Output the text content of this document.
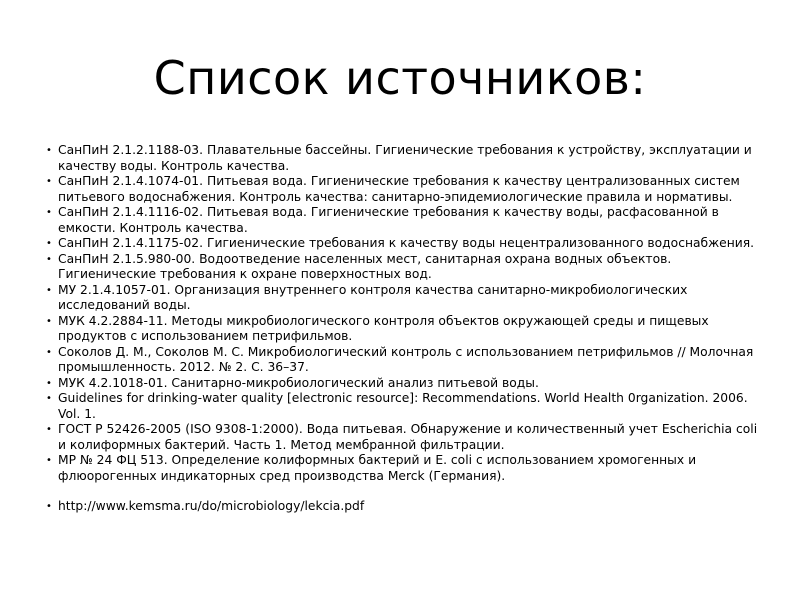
Список источников:
• СанПиН 2.1.2.1188-03. Плавательные бассейны. Гигиенические требования к устройству, эксплуатации и качеству воды. Контроль качества.
• СанПиН 2.1.4.1074-01. Питьевая вода. Гигиенические требования к качеству централизованных систем питьевого водоснабжения. Контроль качества: санитарно-эпидемиологические правила и нормативы.
• СанПиН 2.1.4.1116-02. Питьевая вода. Гигиенические требования к качеству воды, расфасованной в емкости. Контроль качества.
• СанПиН 2.1.4.1175-02. Гигиенические требования к качеству воды нецентрализованного водоснабжения.
• СанПиН 2.1.5.980-00. Водоотведение населенных мест, санитарная охрана водных объектов. Гигиенические требования к охране поверхностных вод.
• МУ 2.1.4.1057-01. Организация внутреннего контроля качества санитарно-микробиологических исследований воды.
• МУК 4.2.2884-11. Методы микробиологического контроля объектов окружающей среды и пищевых продуктов с использованием петрифильмов.
• Соколов Д. М., Соколов М. С. Микробиологический контроль с использованием петрифильмов // Молочная промышленность. 2012. № 2. С. 36–37.
• МУК 4.2.1018-01. Санитарно-микробиологический анализ питьевой воды.
• Guidelines for drinking-water quality [electronic resource]: Recommendations. World Health 0rganization. 2006. Vol. 1.
• ГОСТ Р 52426-2005 (ISO 9308-1:2000). Вода питьевая. Обнаружение и количественный учет Escherichia coli и колиформных бактерий. Часть 1. Метод мембранной фильтрации.
• МР № 24 ФЦ 513. Определение колиформных бактерий и E. coli с использованием хромогенных и флюорогенных индикаторных сред производства Merck (Германия).
• http://www.kemsma.ru/do/microbiology/lekcia.pdf
